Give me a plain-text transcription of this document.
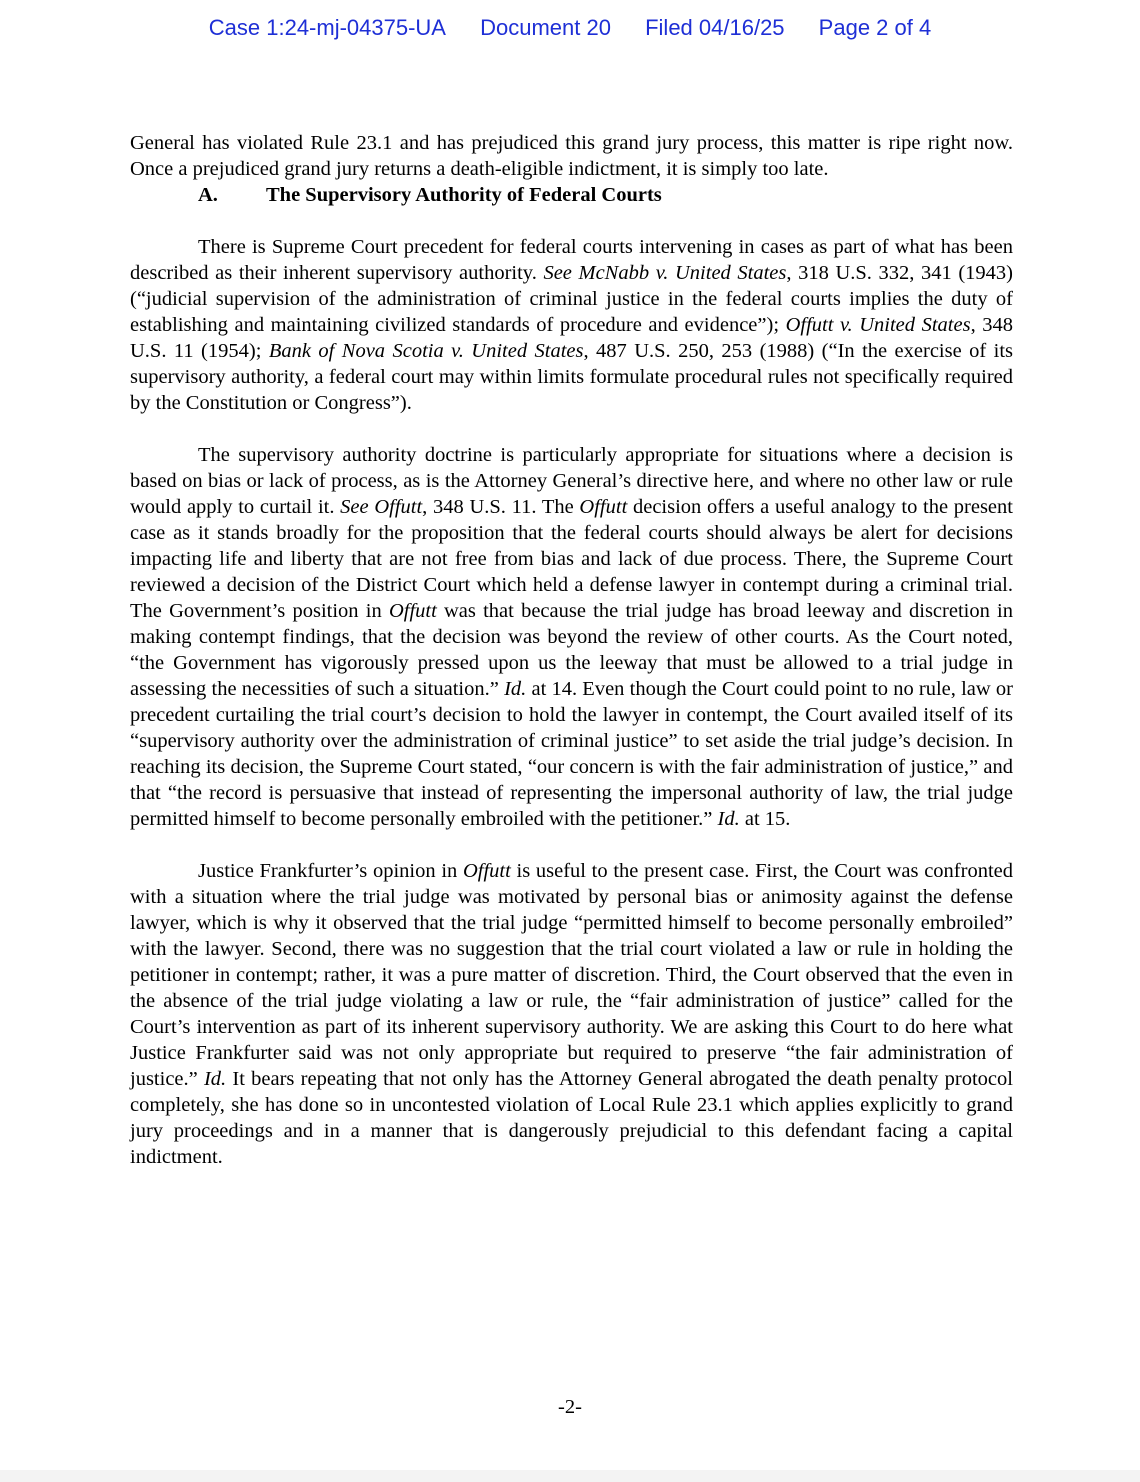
Case 1:24-mj-04375-UA Document 20 Filed 04/16/25 Page 2 of 4

General has violated Rule 23.1 and has prejudiced this grand jury process, this matter is ripe right now. Once a prejudiced grand jury returns a death-eligible indictment, it is simply too late.

A. The Supervisory Authority of Federal Courts

There is Supreme Court precedent for federal courts intervening in cases as part of what has been described as their inherent supervisory authority. See McNabb v. United States, 318 U.S. 332, 341 (1943) (“judicial supervision of the administration of criminal justice in the federal courts implies the duty of establishing and maintaining civilized standards of procedure and evidence”); Offutt v. United States, 348 U.S. 11 (1954); Bank of Nova Scotia v. United States, 487 U.S. 250, 253 (1988) (“In the exercise of its supervisory authority, a federal court may within limits formulate procedural rules not specifically required by the Constitution or Congress”).

The supervisory authority doctrine is particularly appropriate for situations where a decision is based on bias or lack of process, as is the Attorney General’s directive here, and where no other law or rule would apply to curtail it. See Offutt, 348 U.S. 11. The Offutt decision offers a useful analogy to the present case as it stands broadly for the proposition that the federal courts should always be alert for decisions impacting life and liberty that are not free from bias and lack of due process. There, the Supreme Court reviewed a decision of the District Court which held a defense lawyer in contempt during a criminal trial. The Government’s position in Offutt was that because the trial judge has broad leeway and discretion in making contempt findings, that the decision was beyond the review of other courts. As the Court noted, “the Government has vigorously pressed upon us the leeway that must be allowed to a trial judge in assessing the necessities of such a situation.” Id. at 14. Even though the Court could point to no rule, law or precedent curtailing the trial court’s decision to hold the lawyer in contempt, the Court availed itself of its “supervisory authority over the administration of criminal justice” to set aside the trial judge’s decision. In reaching its decision, the Supreme Court stated, “our concern is with the fair administration of justice,” and that “the record is persuasive that instead of representing the impersonal authority of law, the trial judge permitted himself to become personally embroiled with the petitioner.” Id. at 15.

Justice Frankfurter’s opinion in Offutt is useful to the present case. First, the Court was confronted with a situation where the trial judge was motivated by personal bias or animosity against the defense lawyer, which is why it observed that the trial judge “permitted himself to become personally embroiled” with the lawyer. Second, there was no suggestion that the trial court violated a law or rule in holding the petitioner in contempt; rather, it was a pure matter of discretion. Third, the Court observed that the even in the absence of the trial judge violating a law or rule, the “fair administration of justice” called for the Court’s intervention as part of its inherent supervisory authority. We are asking this Court to do here what Justice Frankfurter said was not only appropriate but required to preserve “the fair administration of justice.” Id. It bears repeating that not only has the Attorney General abrogated the death penalty protocol completely, she has done so in uncontested violation of Local Rule 23.1 which applies explicitly to grand jury proceedings and in a manner that is dangerously prejudicial to this defendant facing a capital indictment.

-2-
